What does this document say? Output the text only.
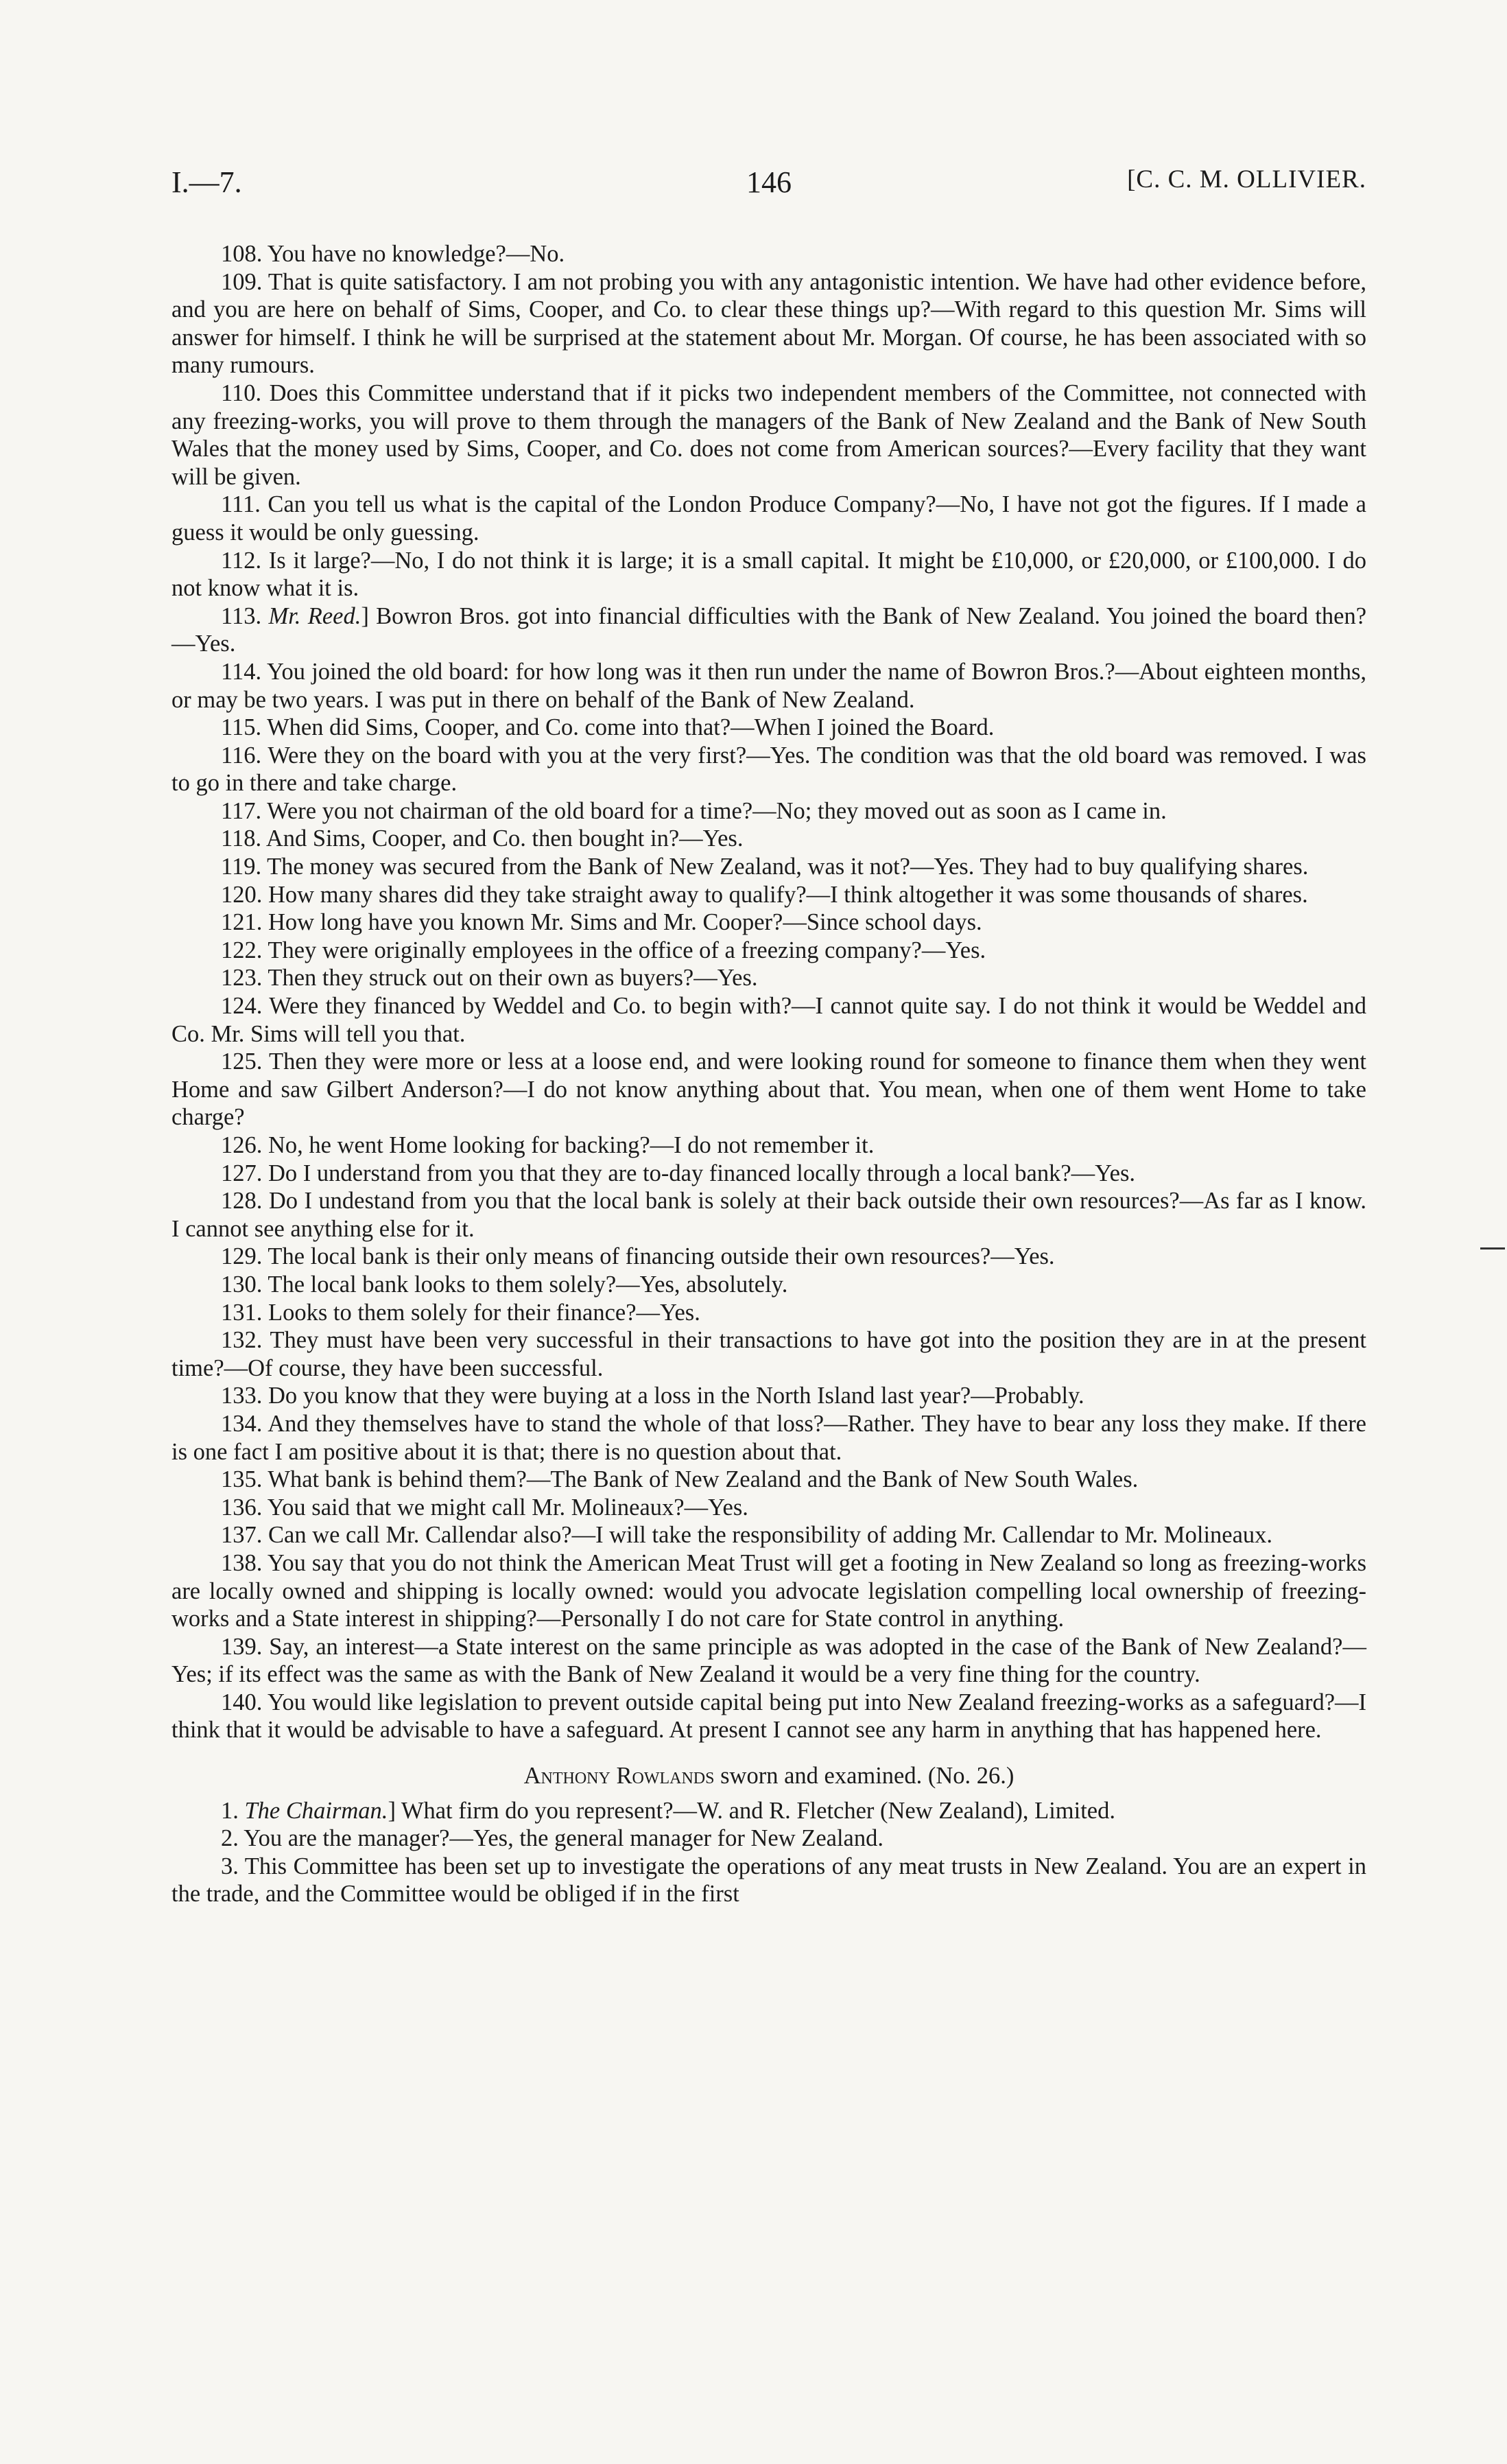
I.—7.	146	[C. C. M. OLLIVIER.

108. You have no knowledge?—No.

109. That is quite satisfactory. I am not probing you with any antagonistic intention. We have had other evidence before, and you are here on behalf of Sims, Cooper, and Co. to clear these things up?—With regard to this question Mr. Sims will answer for himself. I think he will be surprised at the statement about Mr. Morgan. Of course, he has been associated with so many rumours.

110. Does this Committee understand that if it picks two independent members of the Committee, not connected with any freezing-works, you will prove to them through the managers of the Bank of New Zealand and the Bank of New South Wales that the money used by Sims, Cooper, and Co. does not come from American sources?—Every facility that they want will be given.

111. Can you tell us what is the capital of the London Produce Company?—No, I have not got the figures. If I made a guess it would be only guessing.

112. Is it large?—No, I do not think it is large; it is a small capital. It might be £10,000, or £20,000, or £100,000. I do not know what it is.

113. Mr. Reed.] Bowron Bros. got into financial difficulties with the Bank of New Zealand. You joined the board then?—Yes.

114. You joined the old board: for how long was it then run under the name of Bowron Bros.?—About eighteen months, or may be two years. I was put in there on behalf of the Bank of New Zealand.

115. When did Sims, Cooper, and Co. come into that?—When I joined the Board.

116. Were they on the board with you at the very first?—Yes. The condition was that the old board was removed. I was to go in there and take charge.

117. Were you not chairman of the old board for a time?—No; they moved out as soon as I came in.

118. And Sims, Cooper, and Co. then bought in?—Yes.

119. The money was secured from the Bank of New Zealand, was it not?—Yes. They had to buy qualifying shares.

120. How many shares did they take straight away to qualify?—I think altogether it was some thousands of shares.

121. How long have you known Mr. Sims and Mr. Cooper?—Since school days.

122. They were originally employees in the office of a freezing company?—Yes.

123. Then they struck out on their own as buyers?—Yes.

124. Were they financed by Weddel and Co. to begin with?—I cannot quite say. I do not think it would be Weddel and Co. Mr. Sims will tell you that.

125. Then they were more or less at a loose end, and were looking round for someone to finance them when they went Home and saw Gilbert Anderson?—I do not know anything about that. You mean, when one of them went Home to take charge?

126. No, he went Home looking for backing?—I do not remember it.

127. Do I understand from you that they are to-day financed locally through a local bank?—Yes.

128. Do I undestand from you that the local bank is solely at their back outside their own resources?—As far as I know. I cannot see anything else for it.

129. The local bank is their only means of financing outside their own resources?—Yes.

130. The local bank looks to them solely?—Yes, absolutely.

131. Looks to them solely for their finance?—Yes.

132. They must have been very successful in their transactions to have got into the position they are in at the present time?—Of course, they have been successful.

133. Do you know that they were buying at a loss in the North Island last year?—Probably.

134. And they themselves have to stand the whole of that loss?—Rather. They have to bear any loss they make. If there is one fact I am positive about it is that; there is no question about that.

135. What bank is behind them?—The Bank of New Zealand and the Bank of New South Wales.

136. You said that we might call Mr. Molineaux?—Yes.

137. Can we call Mr. Callendar also?—I will take the responsibility of adding Mr. Callendar to Mr. Molineaux.

138. You say that you do not think the American Meat Trust will get a footing in New Zealand so long as freezing-works are locally owned and shipping is locally owned: would you advocate legislation compelling local ownership of freezing-works and a State interest in shipping?—Personally I do not care for State control in anything.

139. Say, an interest—a State interest on the same principle as was adopted in the case of the Bank of New Zealand?—Yes; if its effect was the same as with the Bank of New Zealand it would be a very fine thing for the country.

140. You would like legislation to prevent outside capital being put into New Zealand freezing-works as a safeguard?—I think that it would be advisable to have a safeguard. At present I cannot see any harm in anything that has happened here.

Anthony Rowlands sworn and examined. (No. 26.)

1. The Chairman.] What firm do you represent?—W. and R. Fletcher (New Zealand), Limited.

2. You are the manager?—Yes, the general manager for New Zealand.

3. This Committee has been set up to investigate the operations of any meat trusts in New Zealand. You are an expert in the trade, and the Committee would be obliged if in the first
